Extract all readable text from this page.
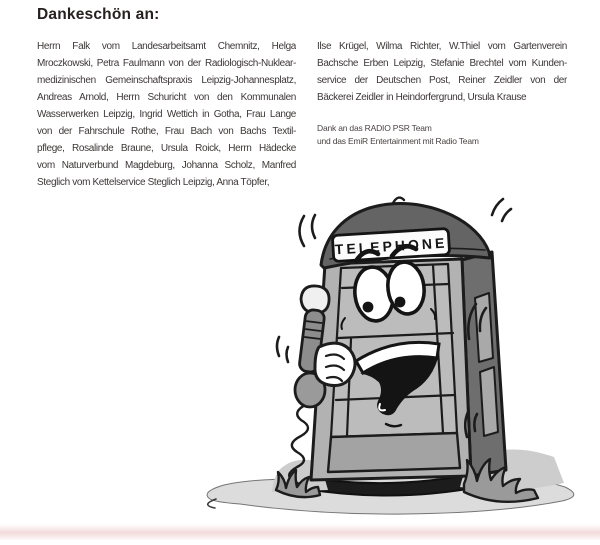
Dankeschön an:
Herrn Falk vom Landesarbeitsamt Chemnitz, Helga
Mroczkowski, Petra Faulmann von der Radiologisch-Nuklear-
medizinischen Gemeinschaftspraxis Leipzig-Johannesplatz,
Andreas Arnold, Herrn Schuricht von den Kommunalen
Wasserwerken Leipzig, Ingrid Wettich in Gotha, Frau Lange
von der Fahrschule Rothe, Frau Bach von Bachs Textil-
pflege, Rosalinde Braune, Ursula Roick, Herrn Hädecke
vom Naturverbund Magdeburg, Johanna Scholz, Manfred
Steglich vom Kettelservice Steglich Leipzig, Anna Töpfer,
Ilse Krügel, Wilma Richter, W.Thiel vom Gartenverein
Bachsche Erben Leipzig, Stefanie Brechtel vom Kunden-
service der Deutschen Post, Reiner Zeidler von der
Bäckerei Zeidler in Heindorfergrund, Ursula Krause
Dank an das RADIO PSR Team
und das EmiR Entertainment mit Radio Team
TELEPHONE
